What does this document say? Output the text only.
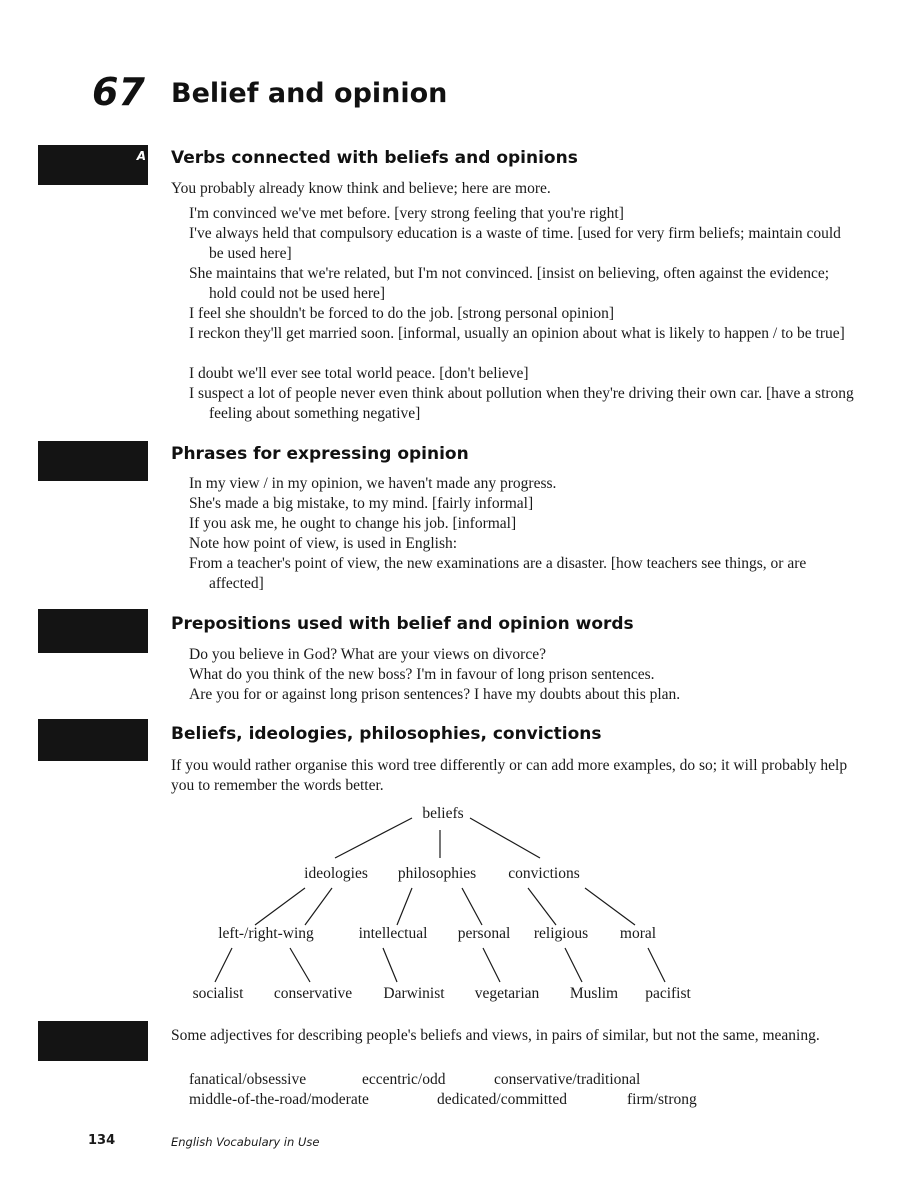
67 Belief and opinion
A Verbs connected with beliefs and opinions

You probably already know think and believe; here are more.

I'm convinced we've met before. [very strong feeling that you're right]

I've always held that compulsory education is a waste of time. [used for very firm beliefs; maintain could be used here]

She maintains that we're related, but I'm not convinced. [insist on believing, often against the evidence; hold could not be used here]

I feel she shouldn't be forced to do the job. [strong personal opinion]

I reckon they'll get married soon. [informal, usually an opinion about what is likely to happen / to be true]

I doubt we'll ever see total world peace. [don't believe]

I suspect a lot of people never even think about pollution when they're driving their own car. [have a strong feeling about something negative]

Phrases for expressing opinion

In my view / in my opinion, we haven't made any progress.

She's made a big mistake, to my mind. [fairly informal]

If you ask me, he ought to change his job. [informal]

Note how point of view, is used in English:

From a teacher's point of view, the new examinations are a disaster. [how teachers see things, or are affected]

Prepositions used with belief and opinion words

Do you believe in God? What are your views on divorce?

What do you think of the new boss? I'm in favour of long prison sentences.

Are you for or against long prison sentences? I have my doubts about this plan.

Beliefs, ideologies, philosophies, convictions

If you would rather organise this word tree differently or can add more examples, do so; it will probably help you to remember the words better.

beliefs
ideologies philosophies convictions
left-/right-wing	intellectual personal religious moral
socialist conservative Darwinist vegetarian Muslim pacifist

Some adjectives for describing people's beliefs and views, in pairs of similar, but not the same, meaning.

fanatical/obsessive	eccentric/odd	conservative/traditional
middle-of-the-road/moderate	dedicated/committed	firm/strong
134	English Vocabulary in Use
